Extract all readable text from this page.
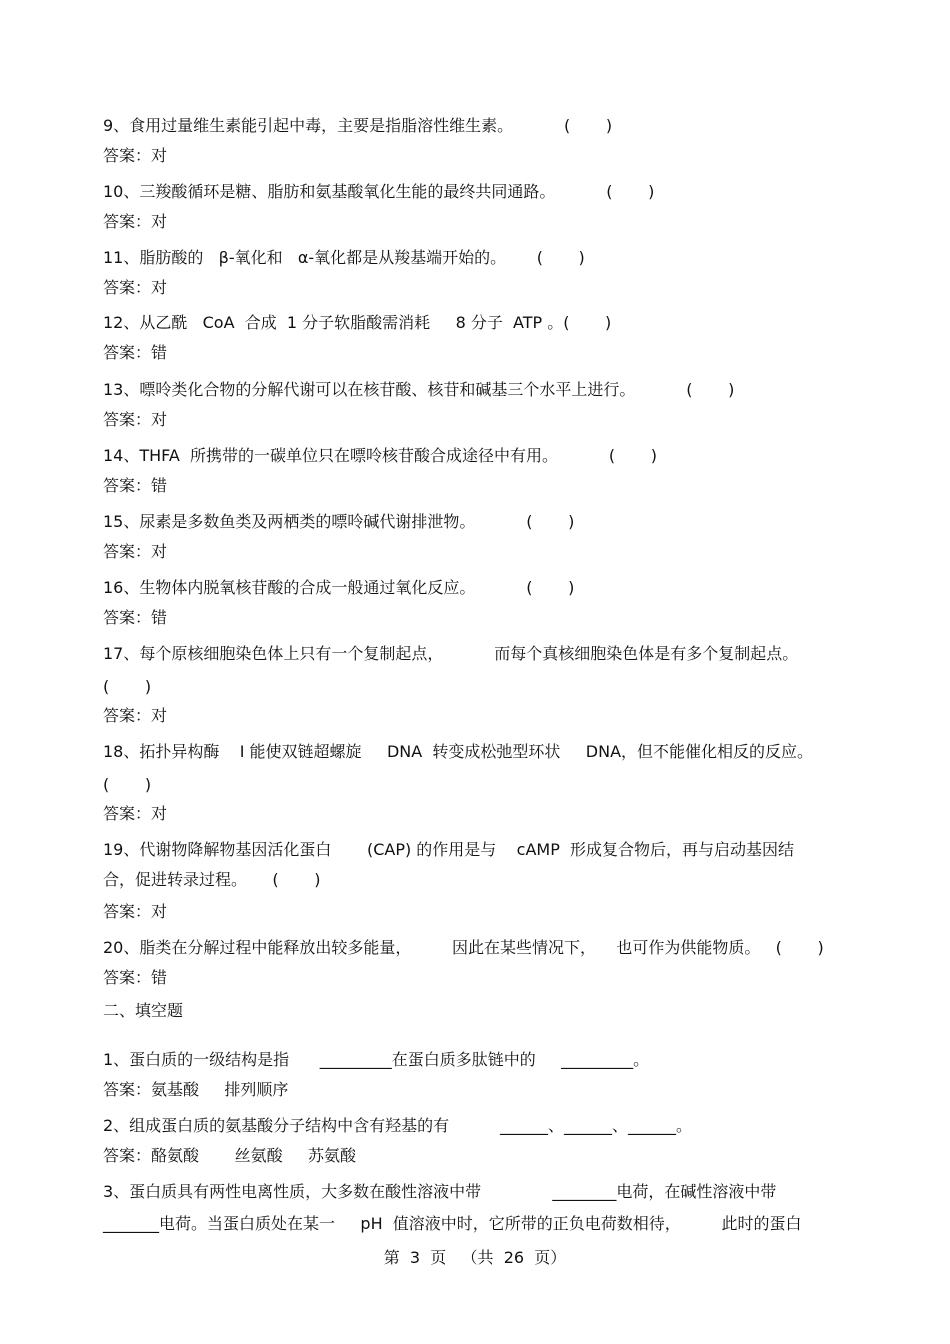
9、食用过量维生素能引起中毒，主要是指脂溶性维生素。          (       )
答案：对
10、三羧酸循环是糖、脂肪和氨基酸氧化生能的最终共同通路。          (       )
答案：对
11、脂肪酸的   β-氧化和   α-氧化都是从羧基端开始的。      (       )
答案：对
12、从乙酰   CoA  合成  1 分子软脂酸需消耗     8 分子  ATP 。(       )
答案：错
13、嘌呤类化合物的分解代谢可以在核苷酸、核苷和碱基三个水平上进行。          (       )
答案：对
14、THFA  所携带的一碳单位只在嘌呤核苷酸合成途径中有用。          (       )
答案：错
15、尿素是多数鱼类及两栖类的嘌呤碱代谢排泄物。          (       )
答案：对
16、生物体内脱氧核苷酸的合成一般通过氧化反应。          (       )
答案：错
17、每个原核细胞染色体上只有一个复制起点，          而每个真核细胞染色体是有多个复制起点。
(       )
答案：对
18、拓扑异构酶    I 能使双链超螺旋     DNA  转变成松弛型环状     DNA，但不能催化相反的反应。
(       )
答案：对
19、代谢物降解物基因活化蛋白       (CAP) 的作用是与    cAMP  形成复合物后，再与启动基因结
合，促进转录过程。     (       )
答案：对
20、脂类在分解过程中能释放出较多能量，        因此在某些情况下，    也可作为供能物质。   (       )
答案：错
二、填空题
1、蛋白质的一级结构是指      _________在蛋白质多肽链中的     _________。
答案：氨基酸     排列顺序
2、组成蛋白质的氨基酸分子结构中含有羟基的有          ______、______、______。
答案：酪氨酸       丝氨酸     苏氨酸
3、蛋白质具有两性电离性质，大多数在酸性溶液中带              ________电荷，在碱性溶液中带
_______电荷。当蛋白质处在某一     pH  值溶液中时，它所带的正负电荷数相待，        此时的蛋白
第  3  页   （共  26  页）
